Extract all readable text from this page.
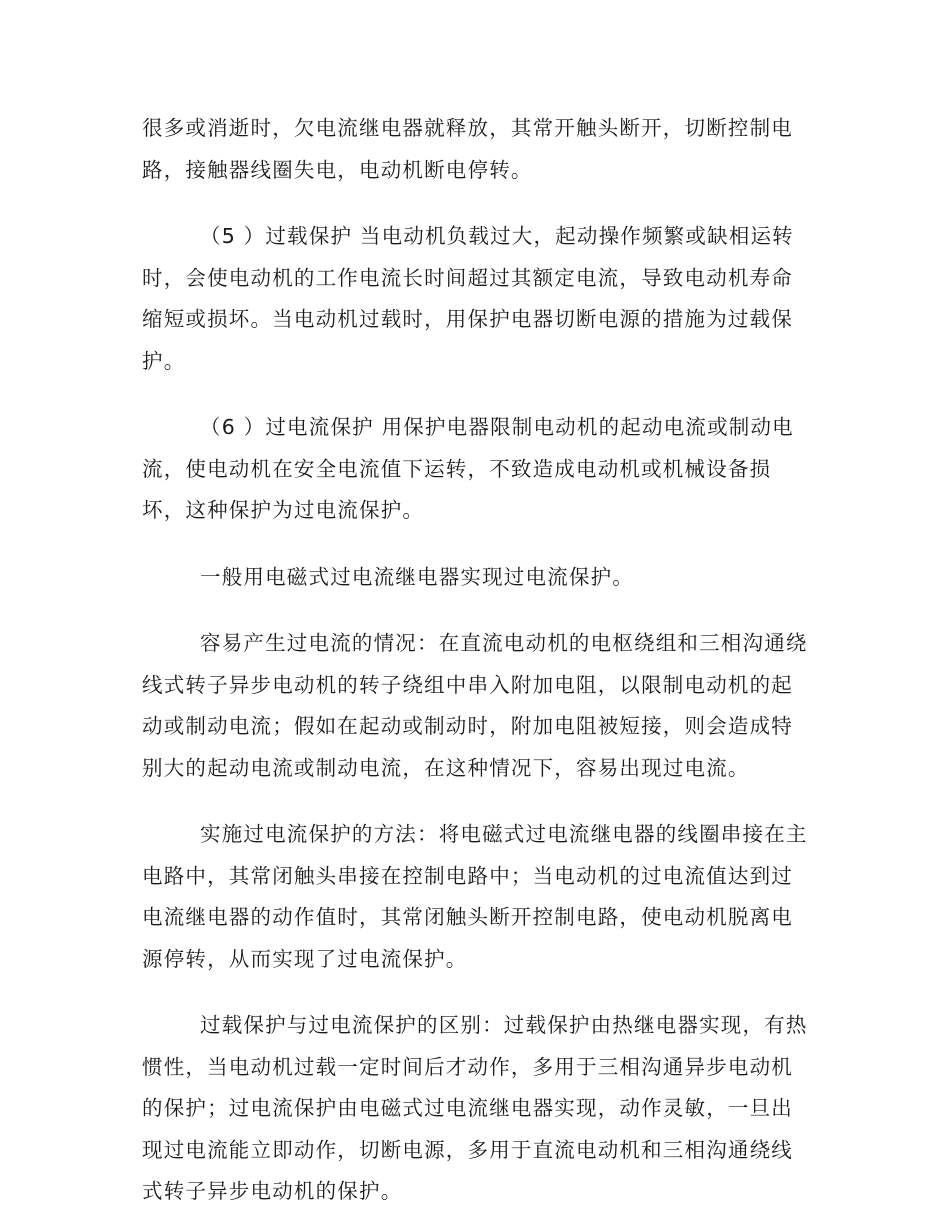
很多或消逝时，欠电流继电器就释放，其常开触头断开，切断控制电
路，接触器线圈失电，电动机断电停转。

（5 ）过载保护 当电动机负载过大，起动操作频繁或缺相运转
时，会使电动机的工作电流长时间超过其额定电流，导致电动机寿命
缩短或损坏。当电动机过载时，用保护电器切断电源的措施为过载保
护。

（6 ）过电流保护 用保护电器限制电动机的起动电流或制动电
流，使电动机在安全电流值下运转，不致造成电动机或机械设备损
坏，这种保护为过电流保护。

一般用电磁式过电流继电器实现过电流保护。

容易产生过电流的情况：在直流电动机的电枢绕组和三相沟通绕
线式转子异步电动机的转子绕组中串入附加电阻，以限制电动机的起
动或制动电流；假如在起动或制动时，附加电阻被短接，则会造成特
别大的起动电流或制动电流，在这种情况下，容易出现过电流。

实施过电流保护的方法：将电磁式过电流继电器的线圈串接在主
电路中，其常闭触头串接在控制电路中；当电动机的过电流值达到过
电流继电器的动作值时，其常闭触头断开控制电路，使电动机脱离电
源停转，从而实现了过电流保护。

过载保护与过电流保护的区别：过载保护由热继电器实现，有热
惯性，当电动机过载一定时间后才动作，多用于三相沟通异步电动机
的保护；过电流保护由电磁式过电流继电器实现，动作灵敏，一旦出
现过电流能立即动作，切断电源，多用于直流电动机和三相沟通绕线
式转子异步电动机的保护。
